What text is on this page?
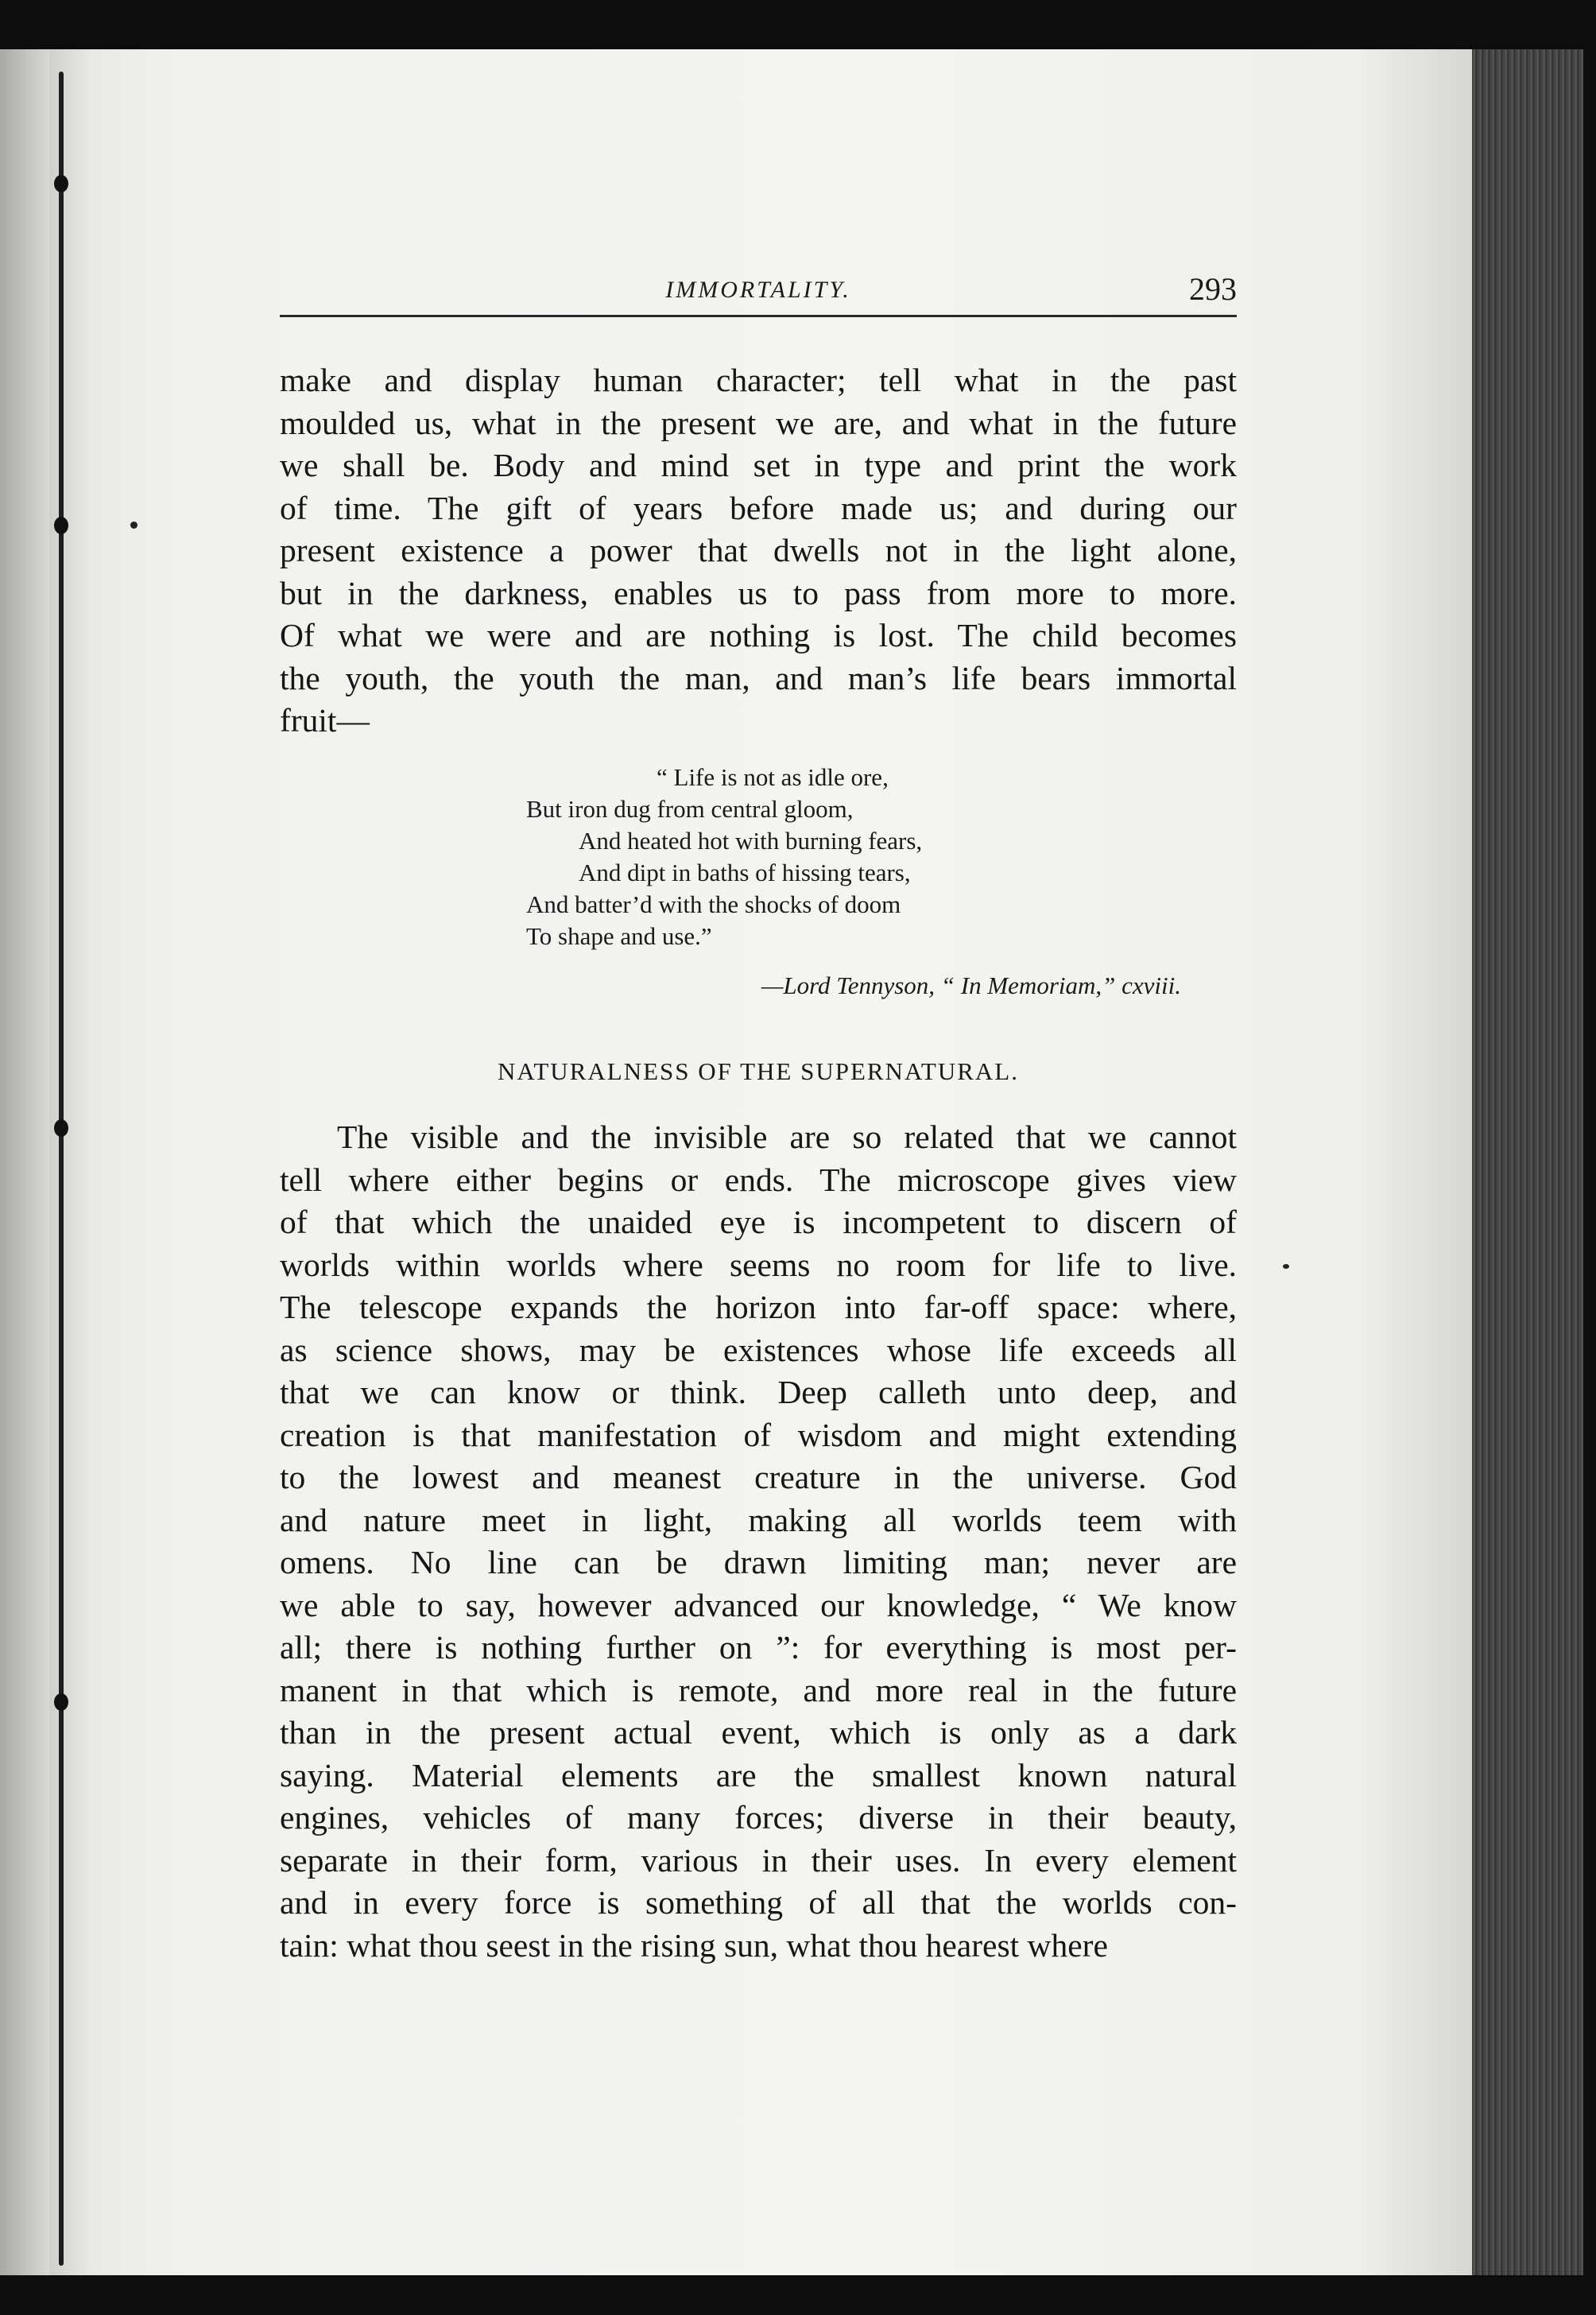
IMMORTALITY.	293
make and display human character; tell what in the past
moulded us, what in the present we are, and what in the future
we shall be. Body and mind set in type and print the work
of time. The gift of years before made us; and during our
present existence a power that dwells not in the light alone,
but in the darkness, enables us to pass from more to more.
Of what we were and are nothing is lost. The child becomes
the youth, the youth the man, and man’s life bears immortal
fruit—
“ Life is not as idle ore,
But iron dug from central gloom,
And heated hot with burning fears,
And dipt in baths of hissing tears,
And batter’d with the shocks of doom
To shape and use.”
—Lord Tennyson, “ In Memoriam,” cxviii.
NATURALNESS OF THE SUPERNATURAL.
The visible and the invisible are so related that we cannot
tell where either begins or ends. The microscope gives view
of that which the unaided eye is incompetent to discern of
worlds within worlds where seems no room for life to live.
The telescope expands the horizon into far-off space: where,
as science shows, may be existences whose life exceeds all
that we can know or think. Deep calleth unto deep, and
creation is that manifestation of wisdom and might extending
to the lowest and meanest creature in the universe. God
and nature meet in light, making all worlds teem with
omens. No line can be drawn limiting man; never are
we able to say, however advanced our knowledge, “ We know
all; there is nothing further on ”: for everything is most per-
manent in that which is remote, and more real in the future
than in the present actual event, which is only as a dark
saying. Material elements are the smallest known natural
engines, vehicles of many forces; diverse in their beauty,
separate in their form, various in their uses. In every element
and in every force is something of all that the worlds con-
tain: what thou seest in the rising sun, what thou hearest where
